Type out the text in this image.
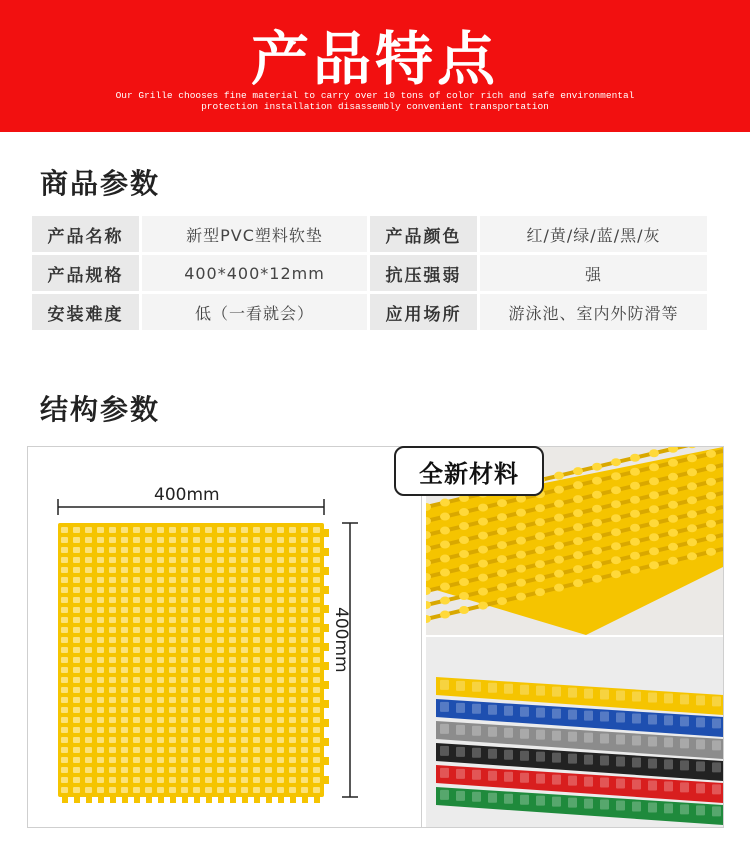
产品特点
Our Grille chooses fine material to carry over 10 tons of color rich and safe environmental protection installation disassembly convenient transportation
商品参数
产品名称	新型PVC塑料软垫	产品颜色	红/黄/绿/蓝/黑/灰
产品规格	400*400*12mm	抗压强弱	强
安装难度	低（一看就会）	应用场所	游泳池、室内外防滑等
结构参数
400mm
400mm
全新材料
